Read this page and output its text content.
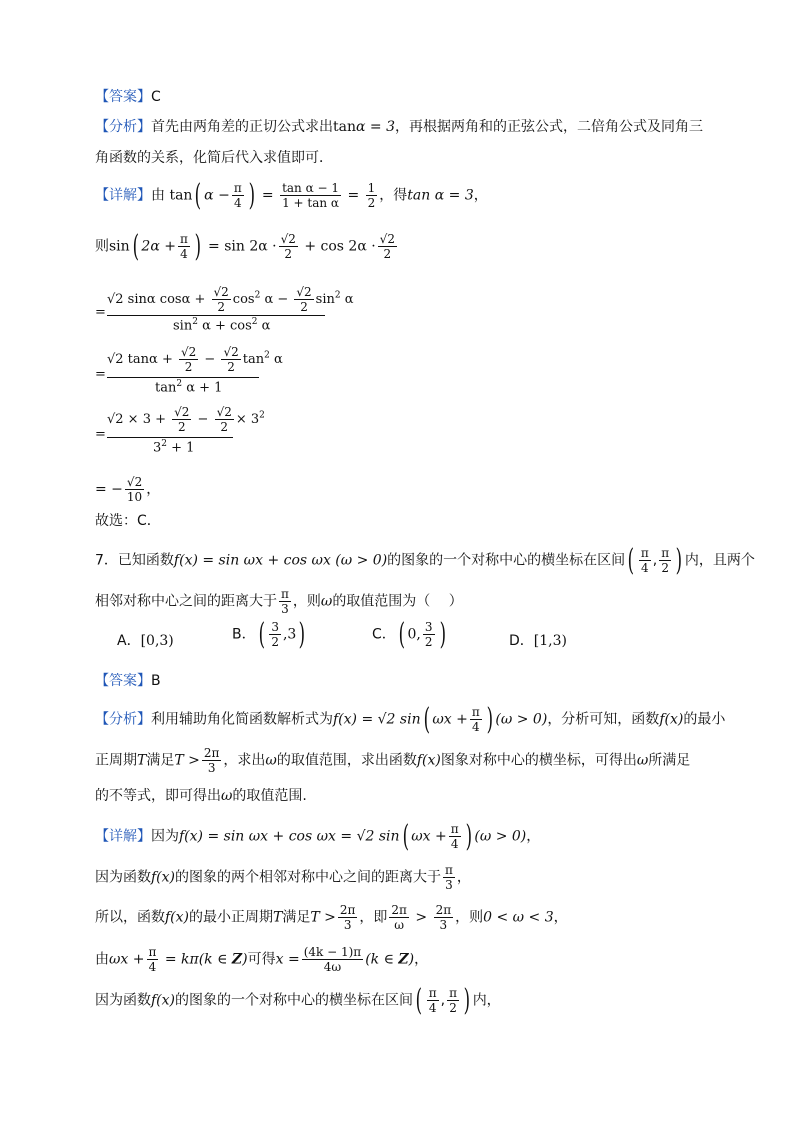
【答案】C
【分析】首先由两角差的正切公式求出tanα = 3，再根据两角和的正弦公式，二倍角公式及同角三
角函数的关系，化简后代入求值即可．
【详解】由 tan( $\alpha - \frac{\pi}{4}$ ) = $\frac{\text{tan α − 1}}{\text{1 + tan α}} = \frac{1}{2}$ ，得tan α = 3，
则sin( $2\alpha + \frac{\pi}{4}$ ) = $\sin 2\alpha \cdot \frac{√2}{2} + \cos 2\alpha \cdot \frac{√2}{2}$
=
√2 sinα $\cos\alpha + \frac{√2}{2} \cos^2 \alpha - \frac{√2}{2} \sin^2 \alpha$
$\sin^2 \alpha + \cos^2 \alpha$
=
√2 $\tan\alpha + \frac{√2}{2} - \frac{√2}{2} \tan^2 \alpha$
$\tan^2 \alpha + 1$
=
$√2 \times 3 + \frac{√2}{2} - \frac{√2}{2} \times 3^2$
$3^2 + 1$
= − $\frac{√2}{10}$ ，
故选：C．
7．已知函数f(x) = sin ωx + cos ωx (ω > 0)的图象的一个对称中心的横坐标在区间( $\frac{\pi}{4}$ , $\frac{\pi}{2}$ ) 内，且两个
相邻对称中心之间的距离大于 $\frac{\pi}{3}$ ，则ω的取值范围为（　 ）
A．[0,3)	B．( $\frac{3}{2} ,3$)	C．( 0, $\frac{3}{2}$ )	D．[1,3)
【答案】B
【分析】利用辅助角化简函数解析式为f(x) = √2 sin( $\omega x + \frac{\pi}{4}$ ) (ω > 0)，分析可知，函数f(x)的最小
正周期T满足$T > \frac{2\pi}{3}$ ，求出ω的取值范围，求出函数f(x)图象对称中心的横坐标，可得出ω所满足
的不等式，即可得出ω的取值范围.
【详解】因为f(x) = sin ωx + cos ωx = √2 sin( $\omega x + \frac{\pi}{4}$ ) (ω > 0)，
因为函数f(x)的图象的两个相邻对称中心之间的距离大于 $\frac{\pi}{3}$ ，
所以，函数f(x)的最小正周期T满足$T > \frac{2\pi}{3}$ ，即 $\frac{2\pi}{\omega} > \frac{2\pi}{3}$ ，则0 < ω < 3，
由$\omega x + \frac{\pi}{4} = k\pi(k$ ∈ Z)可得$x = \frac{(4k - 1)\pi}{4\omega} (k$ ∈ Z)，
因为函数f(x)的图象的一个对称中心的横坐标在区间( $\frac{\pi}{4}$ , $\frac{\pi}{2}$ ) 内，
